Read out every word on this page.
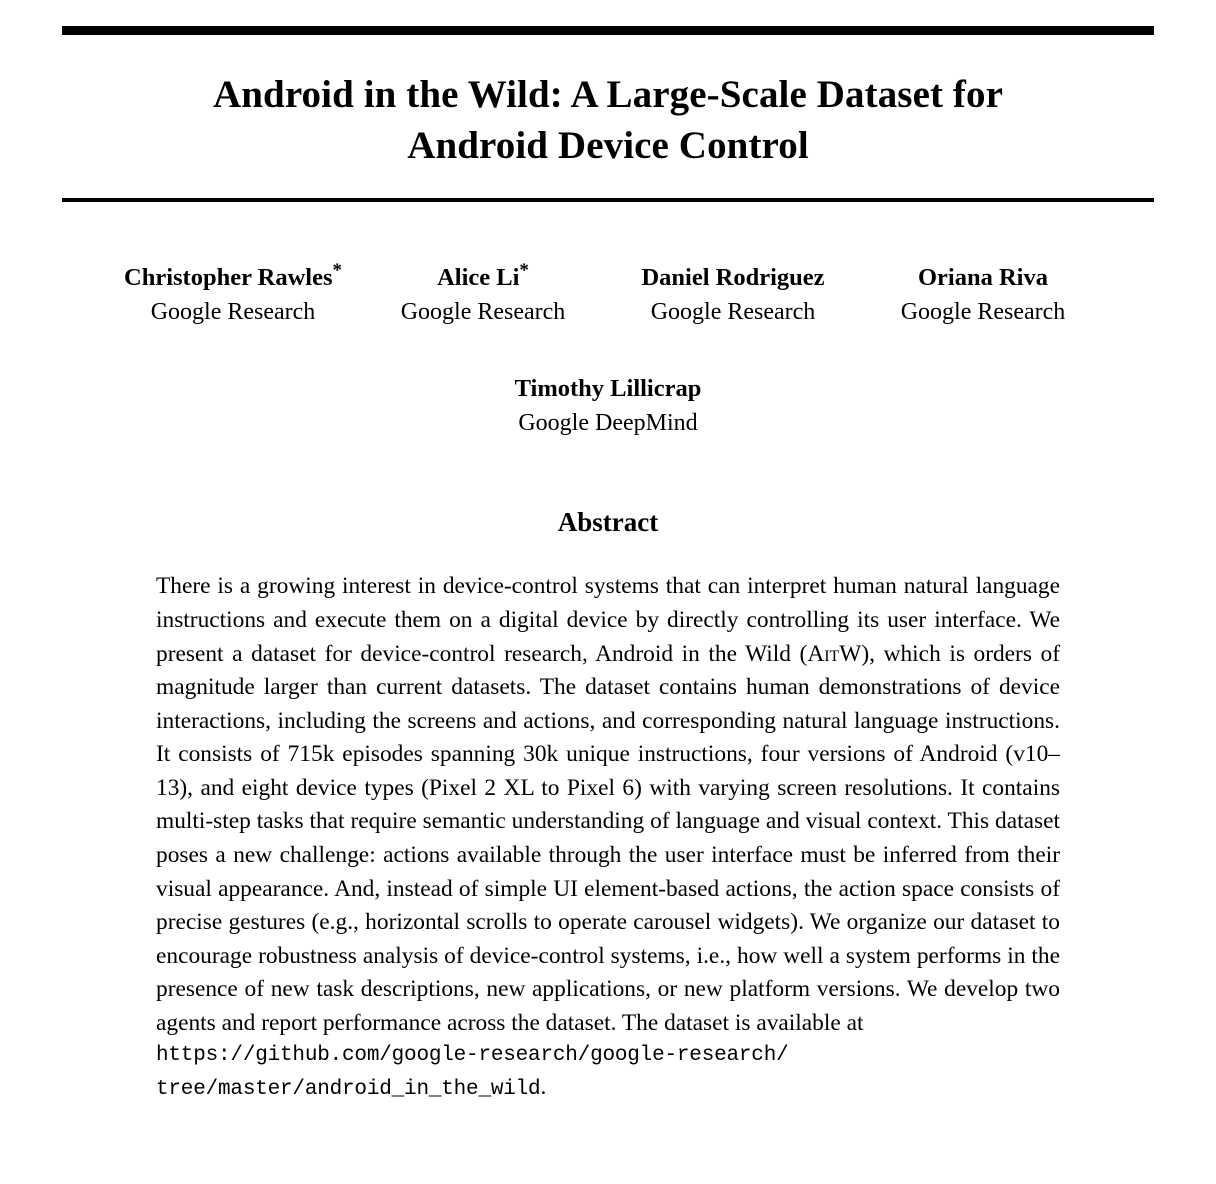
Android in the Wild: A Large-Scale Dataset for
Android Device Control
Christopher Rawles*
Google Research
Alice Li*
Google Research
Daniel Rodriguez
Google Research
Oriana Riva
Google Research
Timothy Lillicrap
Google DeepMind
Abstract
There is a growing interest in device-control systems that can interpret human natural language instructions and execute them on a digital device by directly controlling its user interface. We present a dataset for device-control research, Android in the Wild (AitW), which is orders of magnitude larger than current datasets. The dataset contains human demonstrations of device interactions, including the screens and actions, and corresponding natural language instructions. It consists of 715k episodes spanning 30k unique instructions, four versions of Android (v10–13), and eight device types (Pixel 2 XL to Pixel 6) with varying screen resolutions. It contains multi-step tasks that require semantic understanding of language and visual context. This dataset poses a new challenge: actions available through the user interface must be inferred from their visual appearance. And, instead of simple UI element-based actions, the action space consists of precise gestures (e.g., horizontal scrolls to operate carousel widgets). We organize our dataset to encourage robustness analysis of device-control systems, i.e., how well a system performs in the presence of new task descriptions, new applications, or new platform versions. We develop two agents and report performance across the dataset. The dataset is available at
https://github.com/google-research/google-research/
tree/master/android_in_the_wild.
